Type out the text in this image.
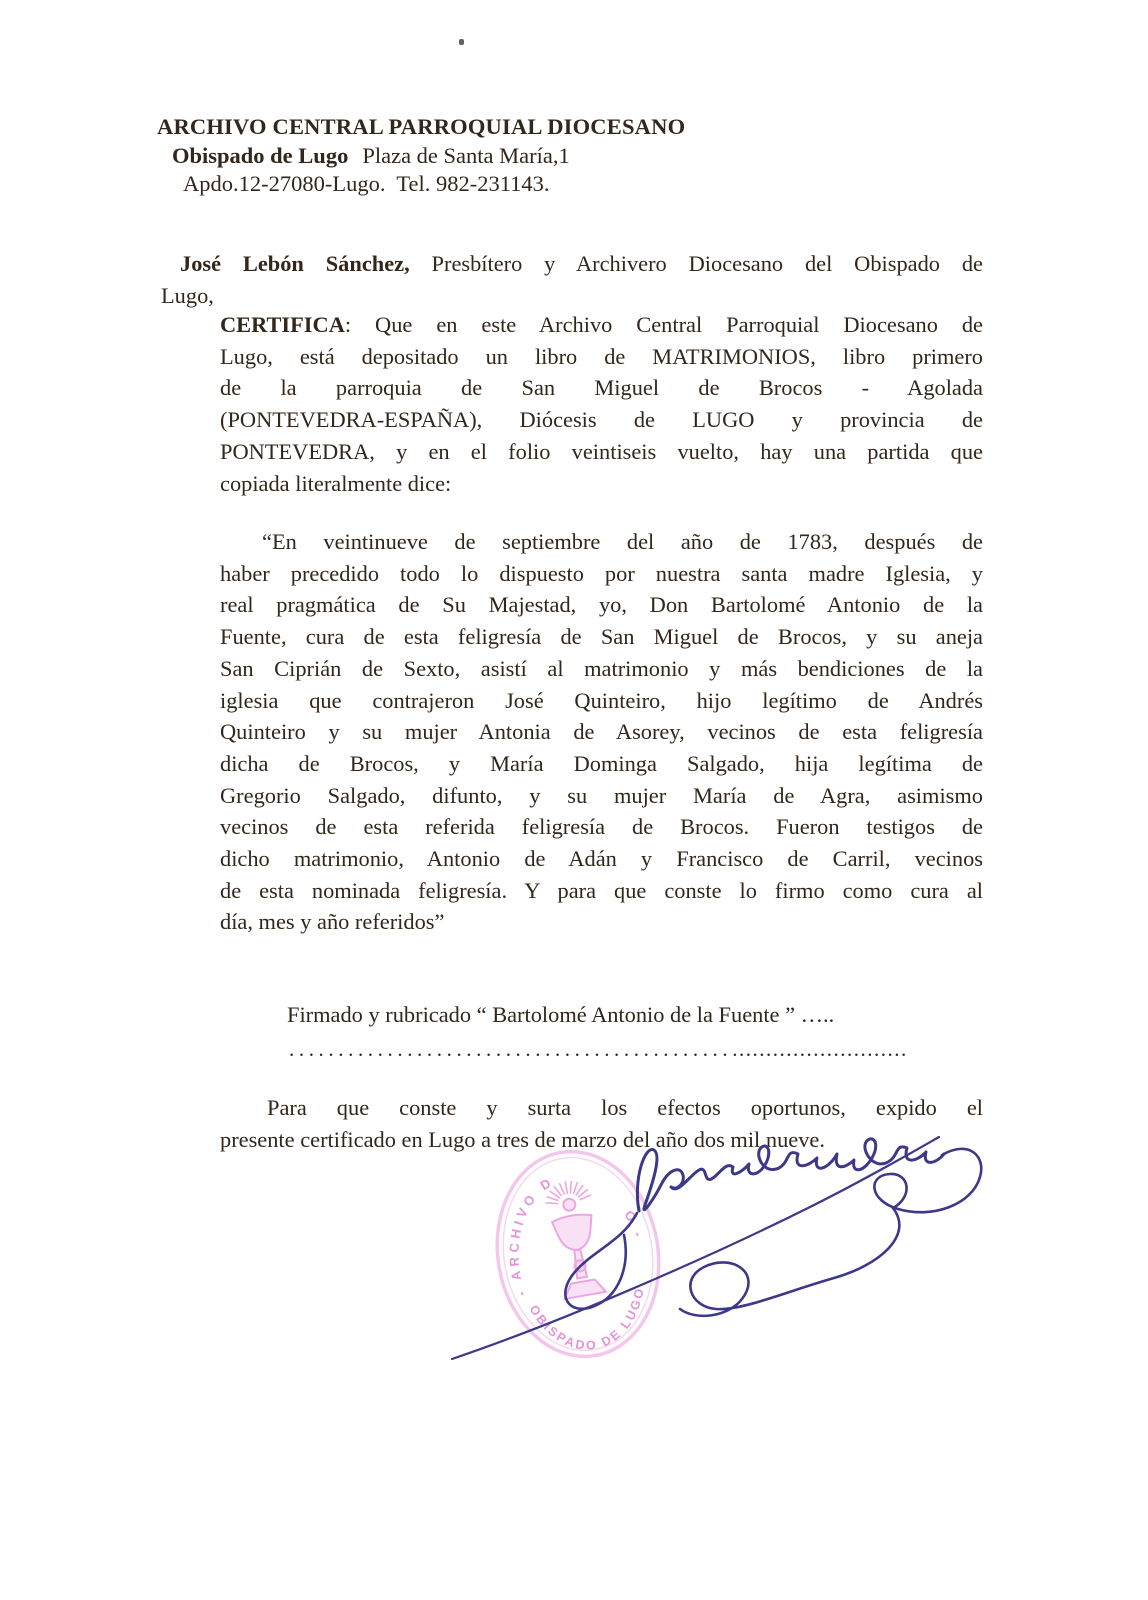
ARCHIVO CENTRAL PARROQUIAL DIOCESANO
Obispado de Lugo Plaza de Santa María,1
Apdo.12-27080-Lugo.  Tel. 982-231143.
José Lebón Sánchez, Presbítero y Archivero Diocesano del Obispado de
Lugo,
CERTIFICA: Que en este Archivo Central Parroquial Diocesano de
Lugo, está depositado un libro de MATRIMONIOS, libro primero
de la parroquia de San Miguel de Brocos - Agolada
(PONTEVEDRA-ESPAÑA), Diócesis de LUGO y provincia de
PONTEVEDRA, y en el folio veintiseis vuelto, hay una partida que
copiada literalmente dice:
“En veintinueve de septiembre del año de 1783, después de
haber precedido todo lo dispuesto por nuestra santa madre Iglesia, y
real pragmática de Su Majestad, yo, Don Bartolomé Antonio de la
Fuente, cura de esta feligresía de San Miguel de Brocos, y su aneja
San Ciprián de Sexto, asistí al matrimonio y más bendiciones de la
iglesia que contrajeron José Quinteiro, hijo legítimo de Andrés
Quinteiro y su mujer Antonia de Asorey, vecinos de esta feligresía
dicha de Brocos, y María Dominga Salgado, hija legítima de
Gregorio Salgado, difunto, y su mujer María de Agra, asimismo
vecinos de esta referida feligresía de Brocos. Fueron testigos de
dicho matrimonio, Antonio de Adán y Francisco de Carril, vecinos
de esta nominada feligresía. Y para que conste lo firmo como cura al
día, mes y año referidos”
Firmado y rubricado “ Bartolomé Antonio de la Fuente ” …..
.......................................................................
Para que conste y surta los efectos oportunos, expido el
presente certificado en Lugo a tres de marzo del año dos mil nueve.
- ARCHIVO D
O -
OBISPADO DE LUGO
